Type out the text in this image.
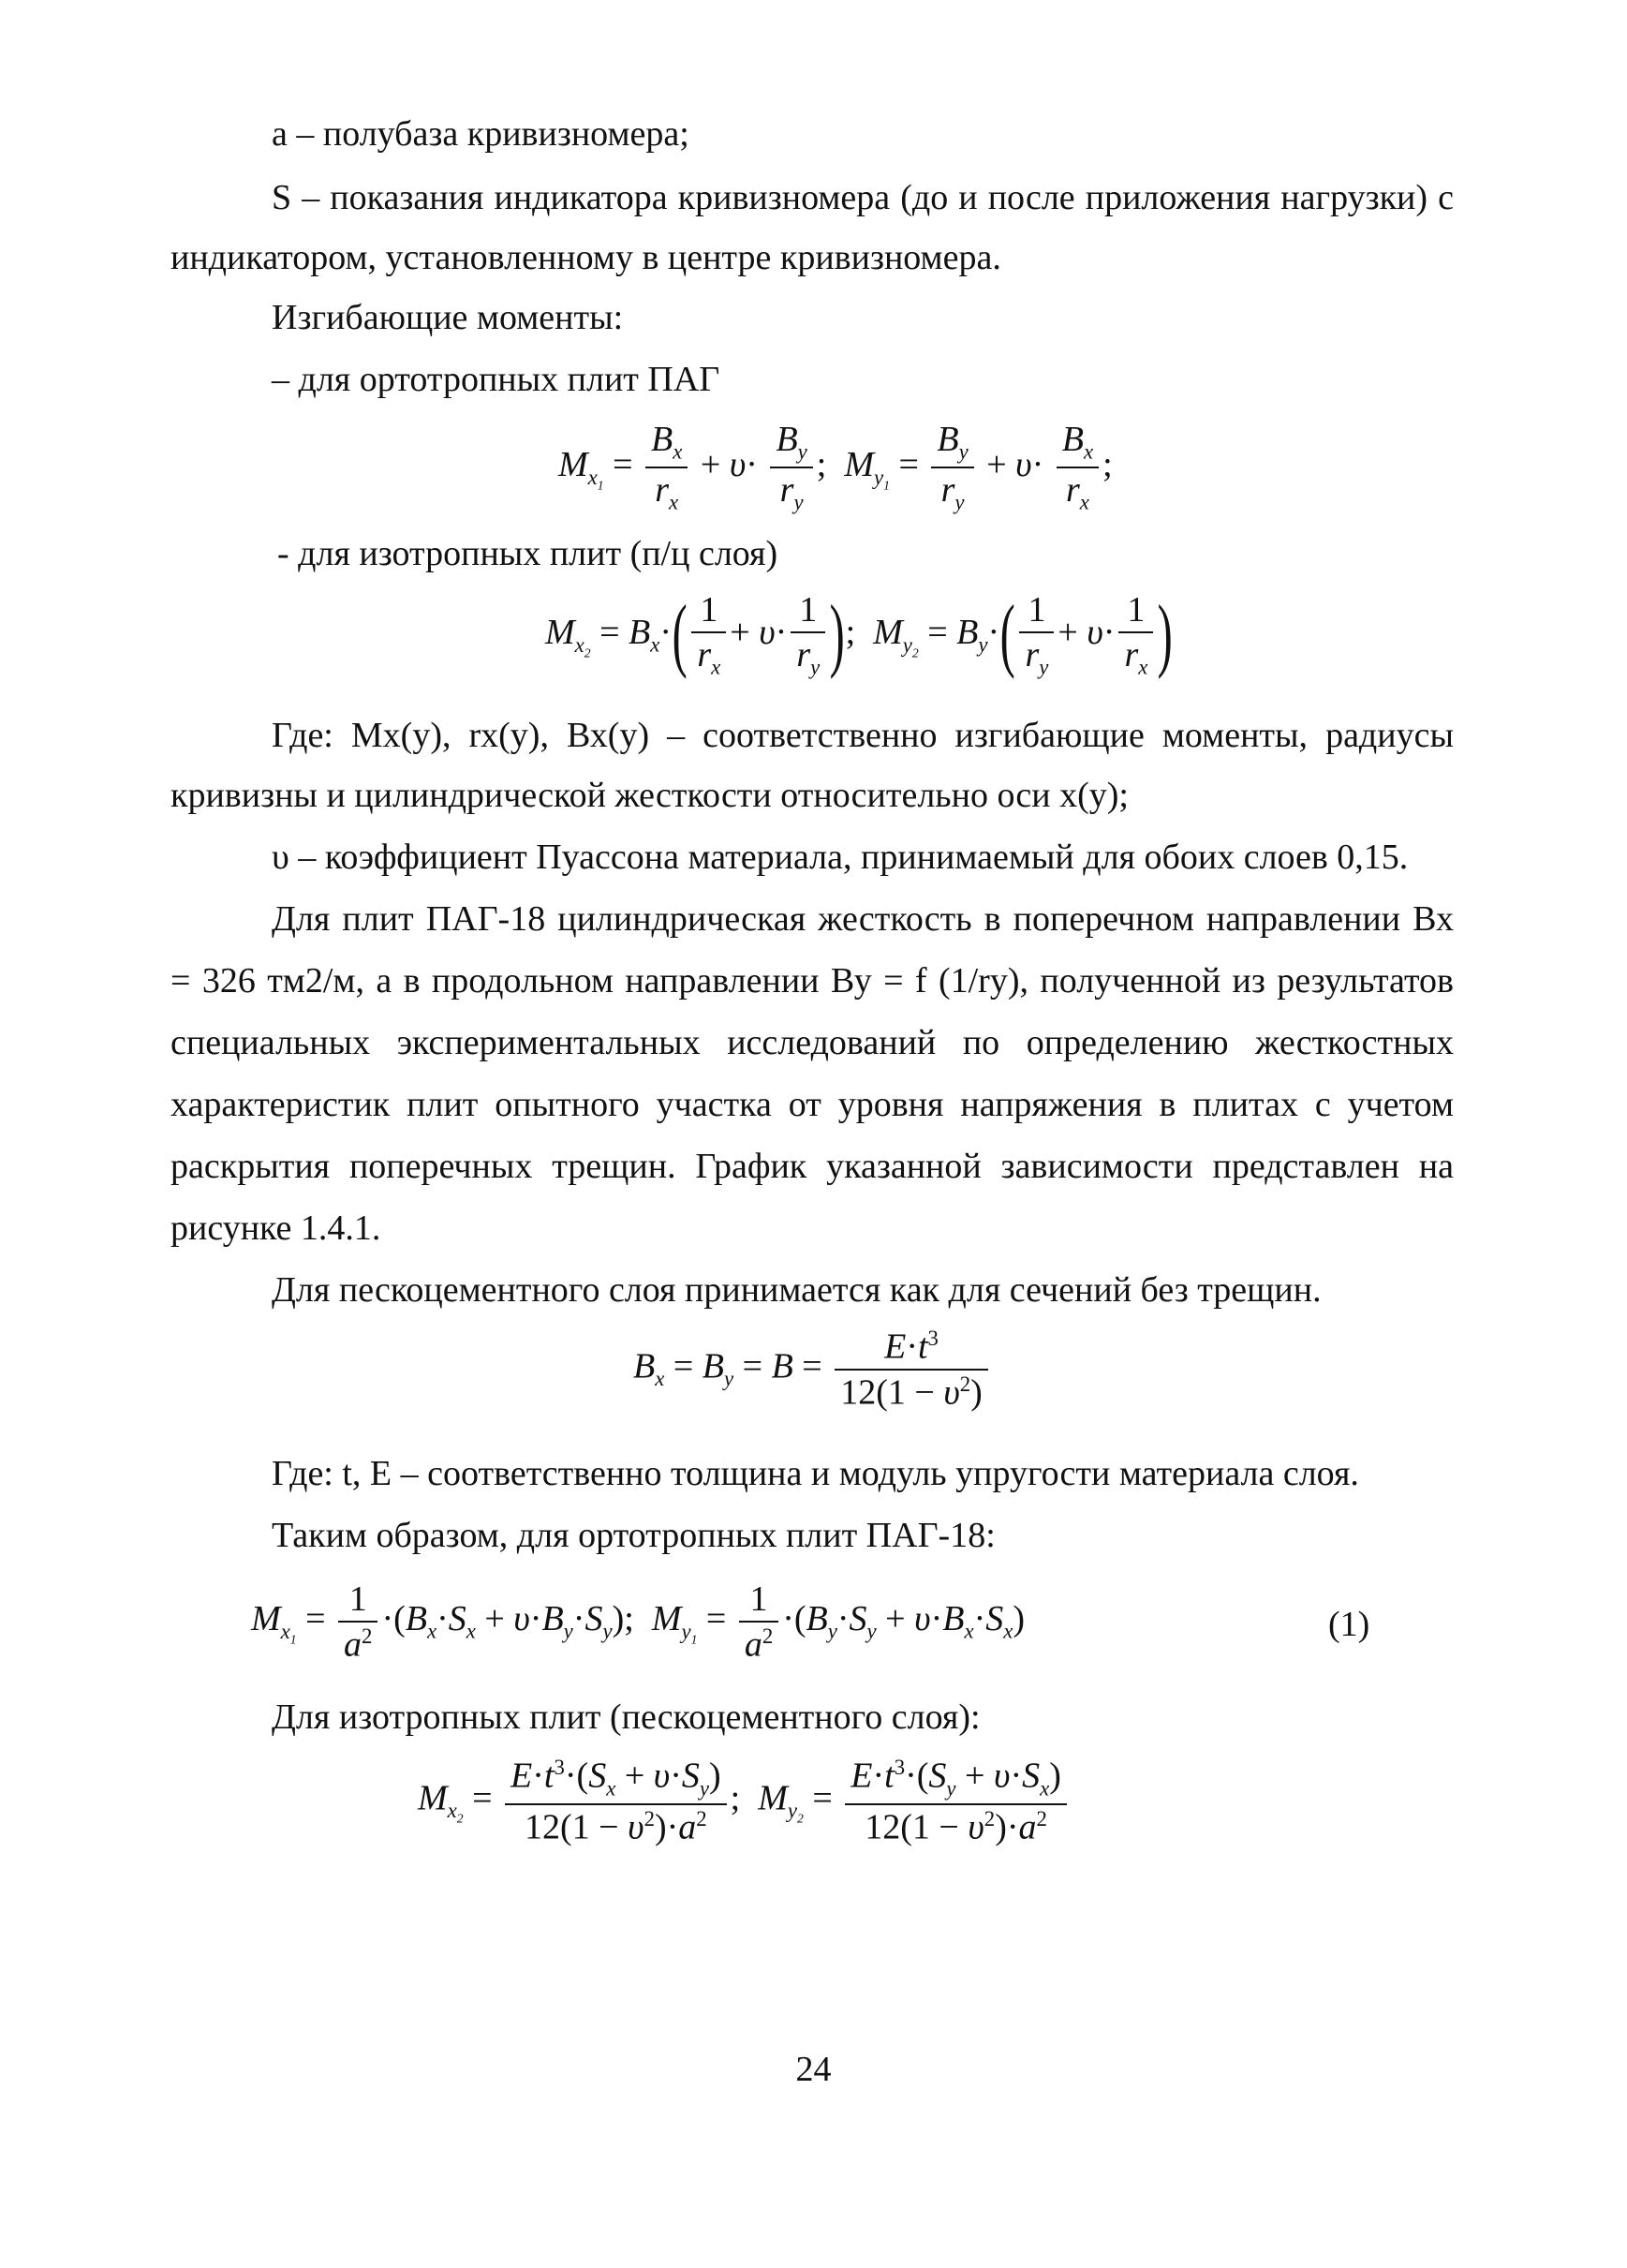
а – полубаза кривизномера;
S – показания индикатора кривизномера (до и после приложения нагрузки) с
индикатором, установленному в центре кривизномера.
Изгибающие моменты:
– для ортотропных плит ПАГ
$M_{x_1} = \frac{B_x}{r_x} + \upsilon\cdot \frac{B_y}{r_y}$ ;  $M_{y_1} = \frac{B_y}{r_y} + \upsilon\cdot \frac{B_x}{r_x}$ ;
- для изотропных плит (п/ц слоя)
$M_{x_2} = B_x\cdot( \frac{1}{r_x} + \upsilon\cdot \frac{1}{r_y}$ );  $M_{y_2} = B_y\cdot( \frac{1}{r_y} + \upsilon\cdot \frac{1}{r_x}$ )
Где: Мх(у), rх(у), Вх(у) – соответственно изгибающие моменты, радиусы
кривизны и цилиндрической жесткости относительно оси х(у);
υ – коэффициент Пуассона материала, принимаемый для обоих слоев 0,15.
Для плит ПАГ-18 цилиндрическая жесткость в поперечном направлении Вх
= 326 тм2/м, а в продольном направлении Ву = f (1/rу), полученной из результатов
специальных экспериментальных исследований по определению жесткостных
характеристик плит опытного участка от уровня напряжения в плитах с учетом
раскрытия поперечных трещин. График указанной зависимости представлен на
рисунке 1.4.1.
Для пескоцементного слоя принимается как для сечений без трещин.
$B_x = B_y = B = \frac{E\cdot t^3}{12(1 - \upsilon^2)}$
Где: t, Е – соответственно толщина и модуль упругости материала слоя.
Таким образом, для ортотропных плит ПАГ-18:
$M_{x_1} = \frac{1}{a^2} \cdot(B_x\cdot S_x + \upsilon\cdot B_y\cdot S_y)$;  $M_{y_1} = \frac{1}{a^2} \cdot(B_y\cdot S_y + \upsilon\cdot B_x\cdot S_x)$	(1)
Для изотропных плит (пескоцементного слоя):
$M_{x_2} = \frac{E\cdot t^3\cdot(S_x + \upsilon\cdot S_y)}{12(1 - \upsilon^2)\cdot a^2}$ ;  $M_{y_2} = \frac{E\cdot t^3\cdot(S_y + \upsilon\cdot S_x)}{12(1 - \upsilon^2)\cdot a^2}$
24
